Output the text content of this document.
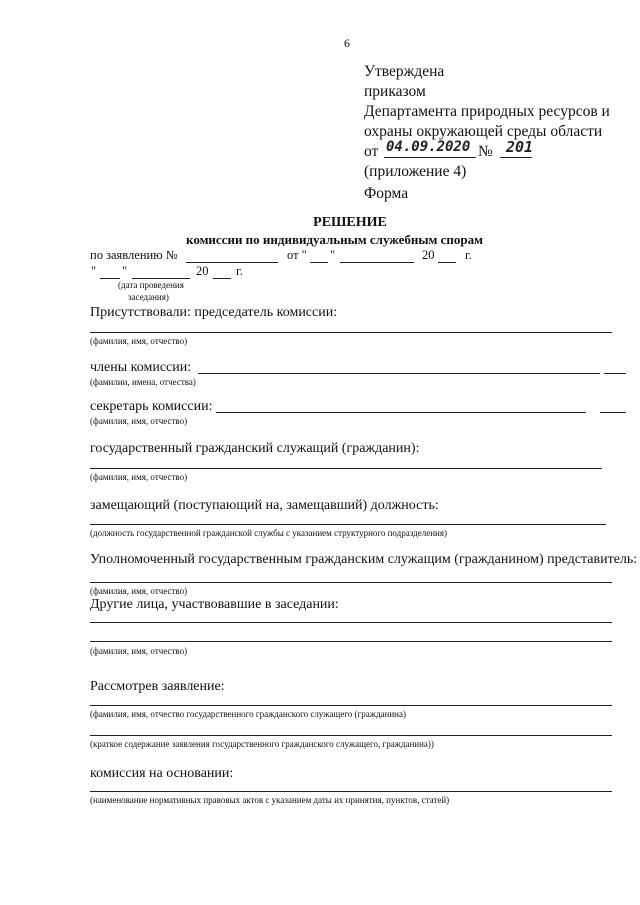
6
Утверждена
приказом
Департамента природных ресурсов и
охраны окружающей среды области
от 04.09.2020 № 201
(приложение 4)
Форма
РЕШЕНИЕ
комиссии по индивидуальным служебным спорам
по заявлению №	от " "	20 г.
" "	20 г.
(дата проведения
заседания)
Присутствовали: председатель комиссии:
(фамилия, имя, отчество)
члены комиссии:
(фамилии, имена, отчества)
секретарь комиссии:
(фамилия, имя, отчество)
государственный гражданский служащий (гражданин):
(фамилия, имя, отчество)
замещающий (поступающий на, замещавший) должность:
(должность государственной гражданской службы с указанием структурного подразделения)
Уполномоченный государственным гражданским служащим (гражданином) представитель:
(фамилия, имя, отчество)
Другие лица, участвовавшие в заседании:
(фамилия, имя, отчество)
Рассмотрев заявление:
(фамилия, имя, отчество государственного гражданского служащего (гражданина)
(краткое содержание заявления государственного гражданского служащего, гражданина))
комиссия на основании:
(наименование нормативных правовых актов с указанием даты их принятия, пунктов, статей)
